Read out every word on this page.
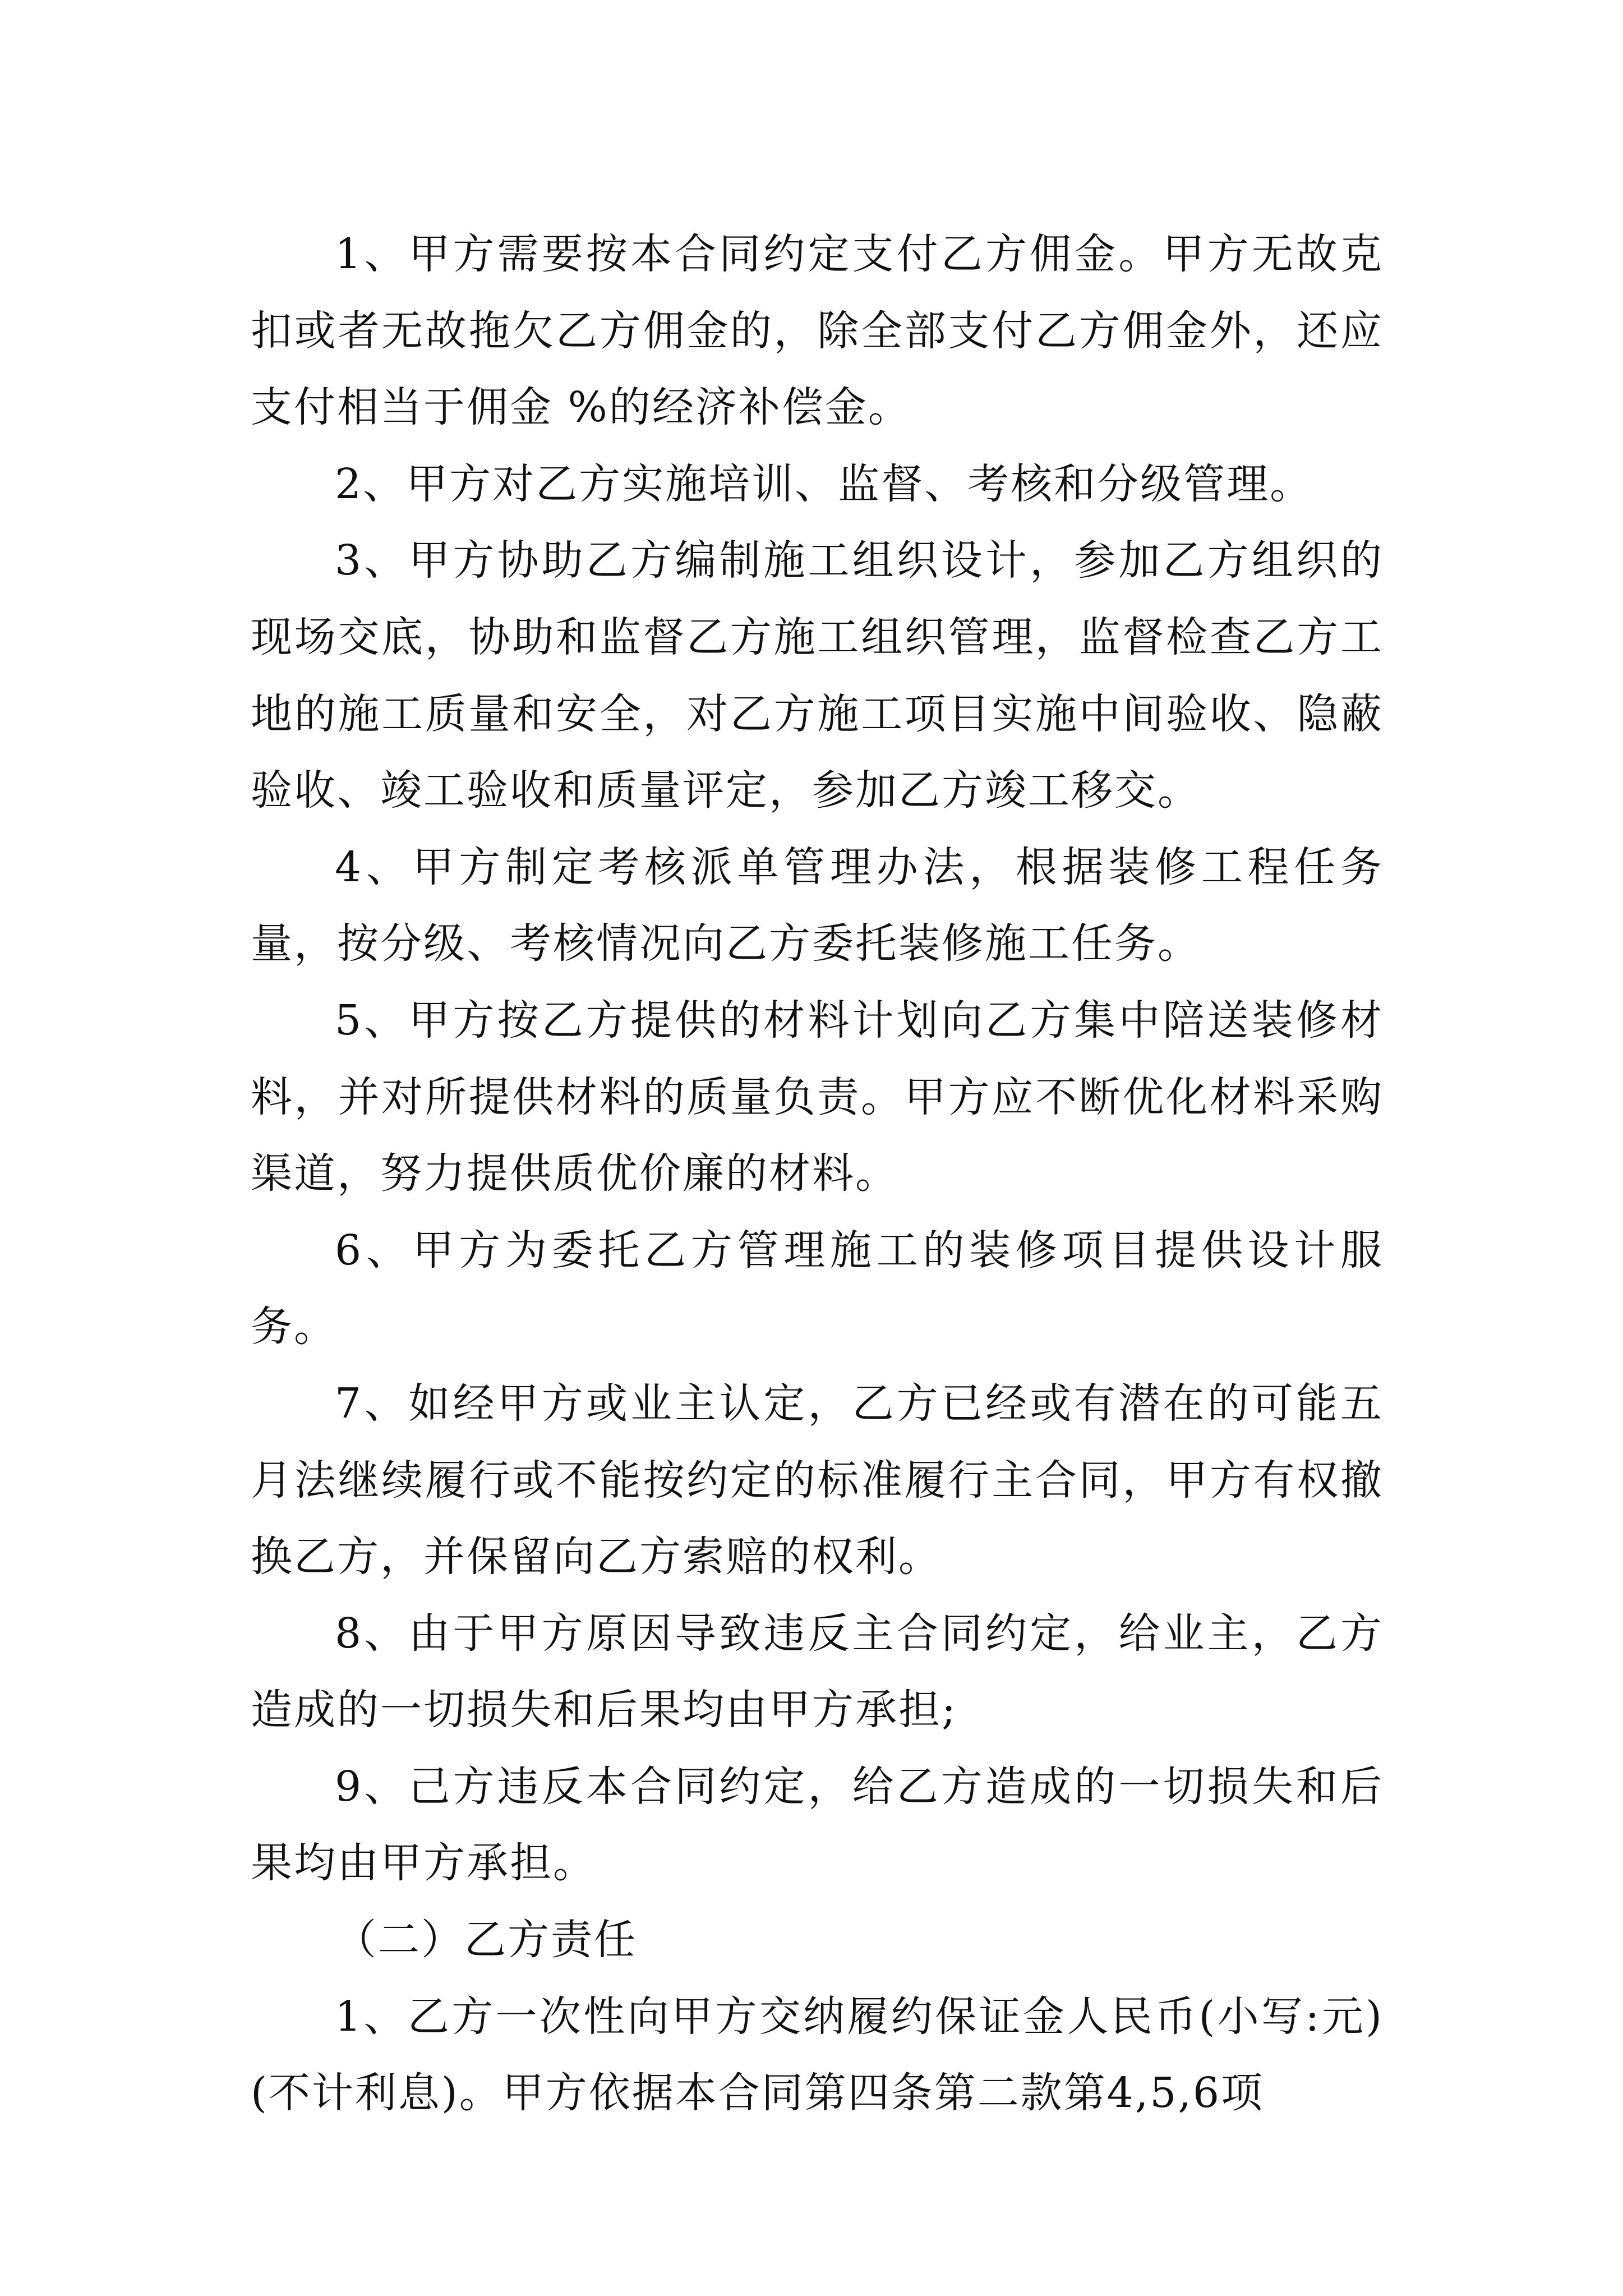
1、甲方需要按本合同约定支付乙方佣金。甲方无故克扣或者无故拖欠乙方佣金的，除全部支付乙方佣金外，还应支付相当于佣金 %的经济补偿金。

2、甲方对乙方实施培训、监督、考核和分级管理。

3、甲方协助乙方编制施工组织设计，参加乙方组织的现场交底，协助和监督乙方施工组织管理，监督检查乙方工地的施工质量和安全，对乙方施工项目实施中间验收、隐蔽验收、竣工验收和质量评定，参加乙方竣工移交。

4、甲方制定考核派单管理办法，根据装修工程任务量，按分级、考核情况向乙方委托装修施工任务。

5、甲方按乙方提供的材料计划向乙方集中陪送装修材料，并对所提供材料的质量负责。甲方应不断优化材料采购渠道，努力提供质优价廉的材料。

6、甲方为委托乙方管理施工的装修项目提供设计服务。

7、如经甲方或业主认定，乙方已经或有潜在的可能五月法继续履行或不能按约定的标准履行主合同，甲方有权撤换乙方，并保留向乙方索赔的权利。

8、由于甲方原因导致违反主合同约定，给业主，乙方造成的一切损失和后果均由甲方承担;

9、己方违反本合同约定，给乙方造成的一切损失和后果均由甲方承担。

（二）乙方责任

1、乙方一次性向甲方交纳履约保证金人民币(小写:元)(不计利息)。甲方依据本合同第四条第二款第4,5,6项
